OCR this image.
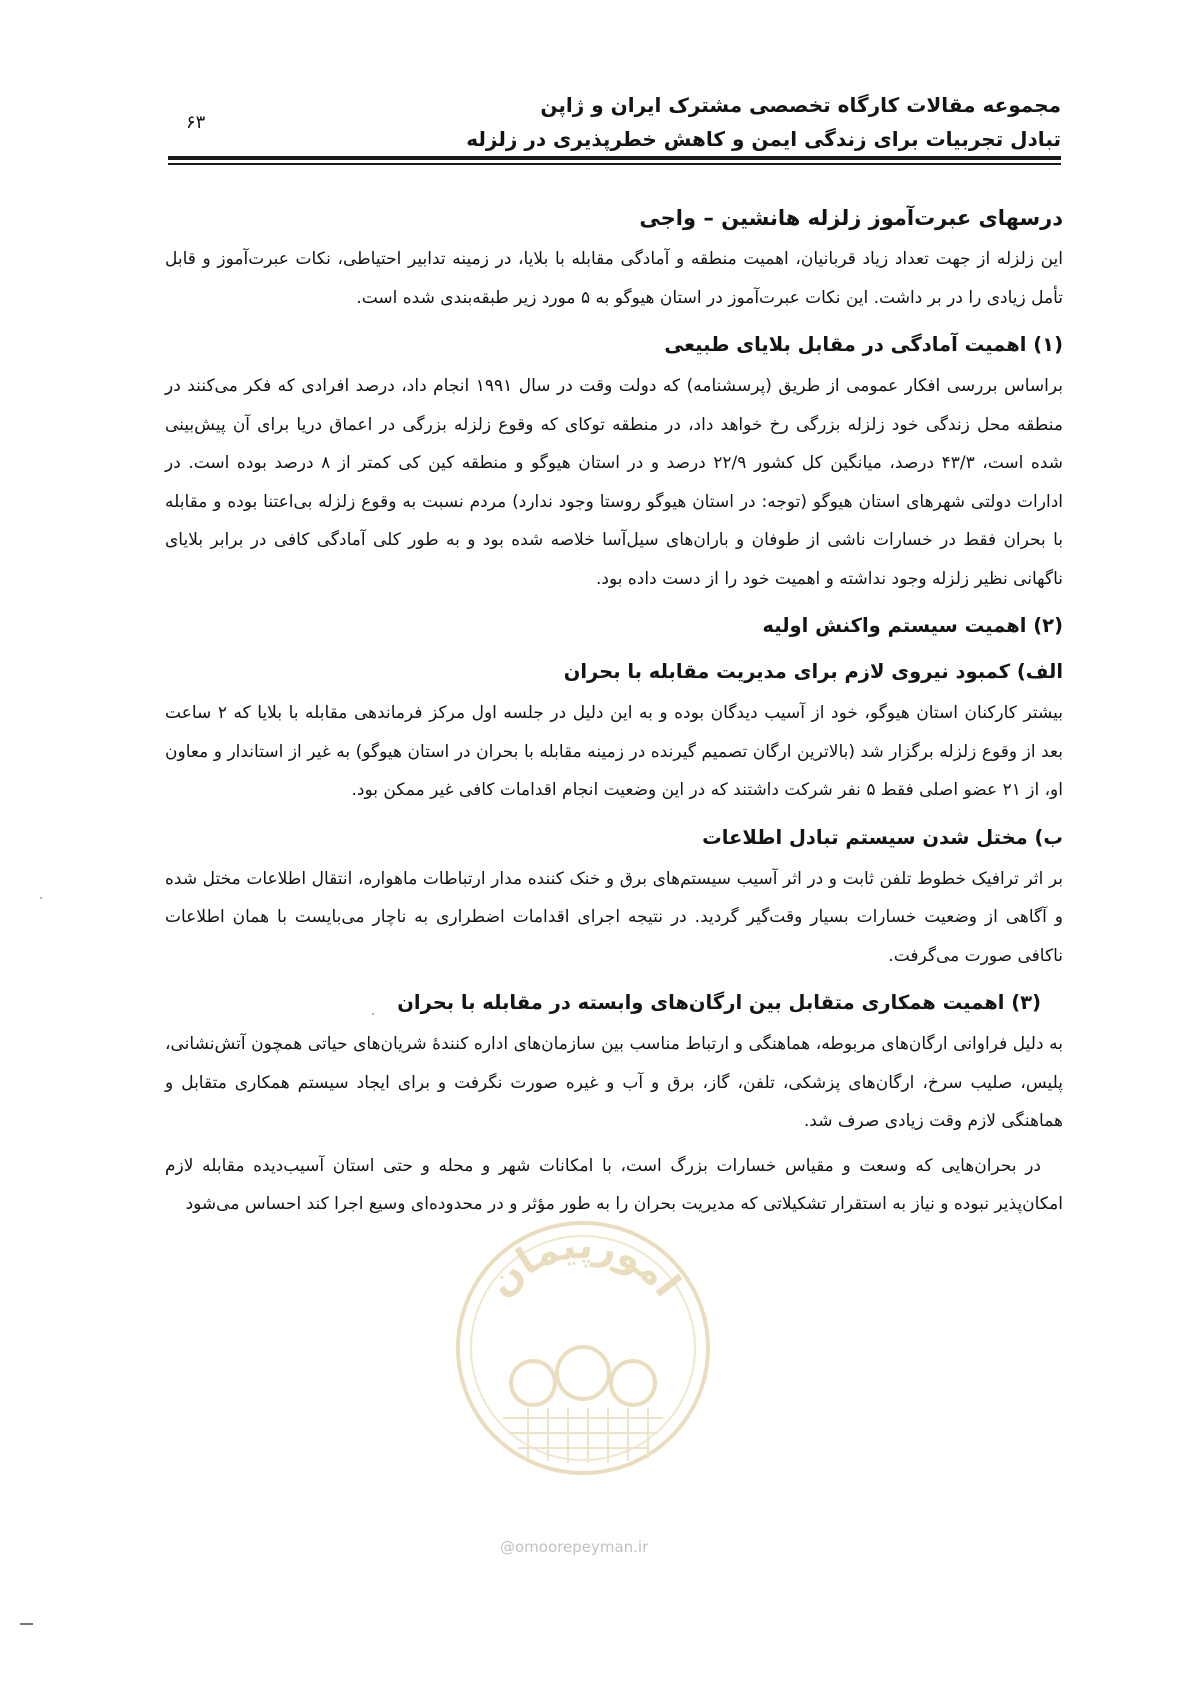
مجموعه مقالات کارگاه تخصصی مشترک ایران و ژاپن
تبادل تجربیات برای زندگی ایمن و کاهش خطرپذیری در زلزله
۶۳
درسهای عبرت‌آموز زلزله هانشین – واجی

این زلزله از جهت تعداد زیاد قربانیان، اهمیت منطقه و آمادگی مقابله با بلایا، در زمینه تدابیر احتیاطی، نکات عبرت‌آموز و قابل تأمل زیادی را در بر داشت. این نکات عبرت‌آموز در استان هیوگو به ۵ مورد زیر طبقه‌بندی شده است.

(۱) اهمیت آمادگی در مقابل بلایای طبیعی

براساس بررسی افکار عمومی از طریق (پرسشنامه) که دولت وقت در سال ۱۹۹۱ انجام داد، درصد افرادی که فکر می‌کنند در منطقه محل زندگی خود زلزله بزرگی رخ خواهد داد، در منطقه توکای که وقوع زلزله بزرگی در اعماق دریا برای آن پیش‌بینی شده است، ۴۳/۳ درصد، میانگین کل کشور ۲۲/۹ درصد و در استان هیوگو و منطقه کین کی کمتر از ۸ درصد بوده است. در ادارات دولتی شهرهای استان هیوگو (توجه: در استان هیوگو روستا وجود ندارد) مردم نسبت به وقوع زلزله بی‌اعتنا بوده و مقابله با بحران فقط در خسارات ناشی از طوفان و باران‌های سیل‌آسا خلاصه شده بود و به طور کلی آمادگی کافی در برابر بلایای ناگهانی نظیر زلزله وجود نداشته و اهمیت خود را از دست داده بود.

(۲) اهمیت سیستم واکنش اولیه
الف) کمبود نیروی لازم برای مدیریت مقابله با بحران

بیشتر کارکنان استان هیوگو، خود از آسیب دیدگان بوده و به این دلیل در جلسه اول مرکز فرماندهی مقابله با بلایا که ۲ ساعت بعد از وقوع زلزله برگزار شد (بالاترین ارگان تصمیم گیرنده در زمینه مقابله با بحران در استان هیوگو) به غیر از استاندار و معاون او، از ۲۱ عضو اصلی فقط ۵ نفر شرکت داشتند که در این وضعیت انجام اقدامات کافی غیر ممکن بود.

ب) مختل شدن سیستم تبادل اطلاعات

بر اثر ترافیک خطوط تلفن ثابت و در اثر آسیب سیستم‌های برق و خنک کننده مدار ارتباطات ماهواره، انتقال اطلاعات مختل شده و آگاهی از وضعیت خسارات بسیار وقت‌گیر گردید. در نتیجه اجرای اقدامات اضطراری به ناچار می‌بایست با همان اطلاعات ناکافی صورت می‌گرفت.

(۳) اهمیت همکاری متقابل بین ارگان‌های وابسته در مقابله با بحران

به دلیل فراوانی ارگان‌های مربوطه، هماهنگی و ارتباط مناسب بین سازمان‌های اداره کنندهٔ شریان‌های حیاتی همچون آتش‌نشانی، پلیس، صلیب سرخ، ارگان‌های پزشکی، تلفن، گاز، برق و آب و غیره صورت نگرفت و برای ایجاد سیستم همکاری متقابل و هماهنگی لازم وقت زیادی صرف شد.

در بحران‌هایی که وسعت و مقیاس خسارات بزرگ است، با امکانات شهر و محله و حتی استان آسیب‌دیده مقابله لازم امکان‌پذیر نبوده و نیاز به استقرار تشکیلاتی که مدیریت بحران را به طور مؤثر و در محدوده‌ای وسیع اجرا کند احساس می‌شود

امورپیمان
@omoorepeyman.ir
